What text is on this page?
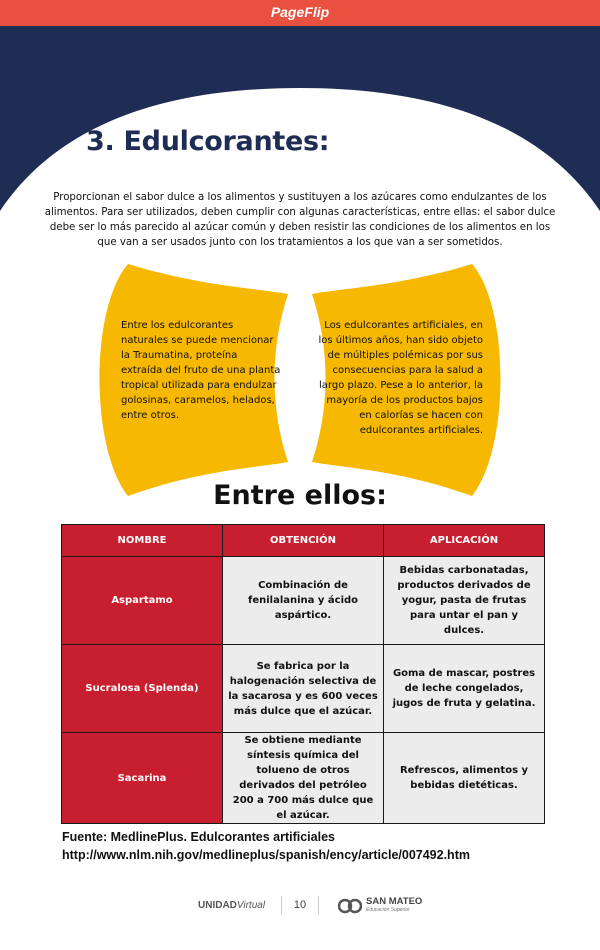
PageFlip
3. Edulcorantes:

Proporcionan el sabor dulce a los alimentos y sustituyen a los azúcares como endulzantes de los alimentos. Para ser utilizados, deben cumplir con algunas características, entre ellas: el sabor dulce debe ser lo más parecido al azúcar común y deben resistir las condiciones de los alimentos en los que van a ser usados junto con los tratamientos a los que van a ser sometidos.

Entre los edulcorantes naturales se puede mencionar la Traumatina, proteína extraída del fruto de una planta tropical utilizada para endulzar golosinas, caramelos, helados, entre otros.

Los edulcorantes artificiales, en los últimos años, han sido objeto de múltiples polémicas por sus consecuencias para la salud a largo plazo. Pese a lo anterior, la mayoría de los productos bajos en calorías se hacen con edulcorantes artificiales.

Entre ellos:
NOMBRE	OBTENCIÓN	APLICACIÓN
Aspartamo	Combinación de fenilalanina y ácido aspártico.	Bebidas carbonatadas, productos derivados de yogur, pasta de frutas para untar el pan y dulces.
Sucralosa (Splenda)	Se fabrica por la halogenación selectiva de la sacarosa y es 600 veces más dulce que el azúcar.	Goma de mascar, postres de leche congelados, jugos de fruta y gelatina.
Sacarina	Se obtiene mediante síntesis química del tolueno de otros derivados del petróleo 200 a 700 más dulce que el azúcar.	Refrescos, alimentos y bebidas dietéticas.
Fuente: MedlinePlus. Edulcorantes artificiales
http://www.nlm.nih.gov/medlineplus/spanish/ency/article/007492.htm
UNIDADVirtual	10	SAN MATEO
Educación Superior
